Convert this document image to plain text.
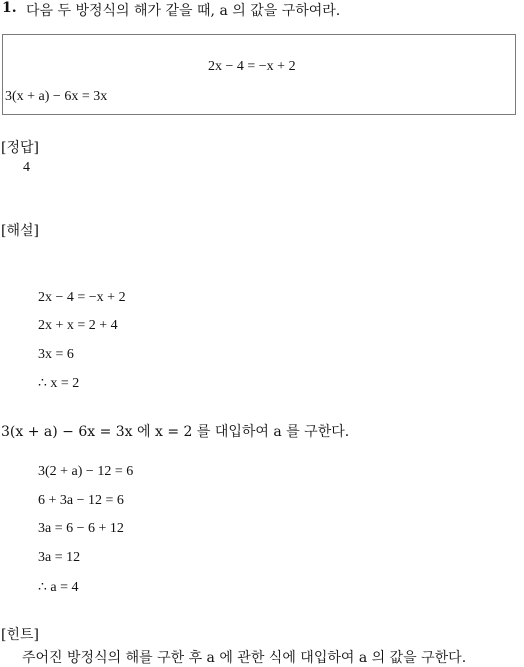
1. 다음 두 방정식의 해가 같을 때, a 의 값을 구하여라.
2x − 4 = −x + 2
3(x + a) − 6x = 3x
[정답]
4
[해설]
2x − 4 = −x + 2
2x + x = 2 + 4
3x = 6
∴ x = 2
3(x + a) − 6x = 3x 에 x = 2 를 대입하여 a 를 구한다.
3(2 + a) − 12 = 6
6 + 3a − 12 = 6
3a = 6 − 6 + 12
3a = 12
∴ a = 4
[힌트]
주어진 방정식의 해를 구한 후 a 에 관한 식에 대입하여 a 의 값을 구한다.
